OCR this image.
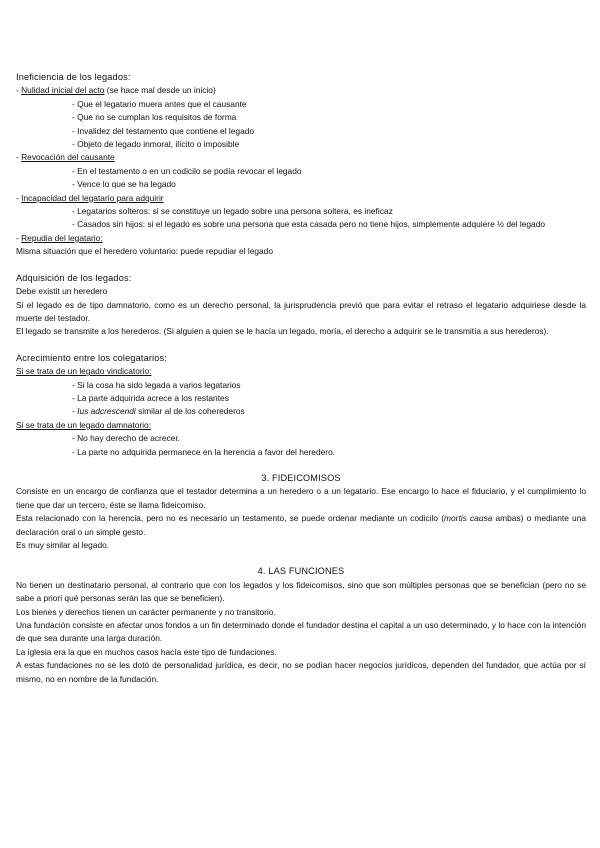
Ineficiencia de los legados:

- Nulidad inicial del acto (se hace mal desde un inicio)

- Que el legatario muera antes que el causante

- Que no se cumplan los requisitos de forma

- Invalidez del testamento que contiene el legado

- Objeto de legado inmoral, ilícito o imposible

- Revocación del causante

- En el testamento o en un codicilo se podía revocar el legado

- Vence lo que se ha legado

- Incapacidad del legatario para adquirir

- Legatarios solteros: si se constituye un legado sobre una persona soltera, es ineficaz

- Casados sin hijos: si el legado es sobre una persona que esta casada pero no tiene hijos, simplemente adquiere ½ del legado

- Repudia del legatario:

Misma situación que el heredero voluntario: puede repudiar el legado

Adquisición de los legados:

Debe existit un heredero

Si el legado es de tipo damnatorio, como es un derecho personal, la jurisprudencia previó que para evitar el retraso el legatario adquiriese desde la muerte del testador.

El legado se transmite a los herederos. (Si alguien a quien se le hacía un legado, moría, el derecho a adquirir se le transmitía a sus herederos).

Acrecimiento entre los colegatarios:

Si se trata de un legado vindicatorio:

- Si la cosa ha sido legada a varios legatarios

- La parte adquirida acrece a los restantes

- Ius adcrescendi similar al de los coherederos

Si se trata de un legado damnatorio:

- No hay derecho de acrecer.

- La parte no adquirida permanece en la herencia a favor del heredero.

3. FIDEICOMISOS

Consiste en un encargo de confianza que el testador determina a un heredero o a un legatario. Ese encargo lo hace el fiduciario, y el cumplimiento lo tiene que dar un tercero, éste se llama fideicomiso.

Esta relacionado con la herencia, pero no es necesario un testamento, se puede ordenar mediante un codicilo (mortis causa ambas) o mediante una declaración oral o un simple gesto.

Es muy similar al legado.

4. LAS FUNCIONES

No tienen un destinatario personal, al contrario que con los legados y los fideicomisos, sino que son múltiples personas que se benefician (pero no se sabe a priori qué personas serán las que se beneficien).

Los bienes y derechos tienen un carácter permanente y no transitorio.

Una fundación consiste en afectar unos fondos a un fin determinado donde el fundador destina el capital a un uso determinado, y lo hace con la intención de que sea durante una larga duración.

La iglesia era la que en muchos casos hacía este tipo de fundaciones.

A estas fundaciones no se les dotó de personalidad jurídica, es decir, no se podían hacer negocios jurídicos, dependen del fundador, que actúa por sí mismo, no en nombre de la fundación.
